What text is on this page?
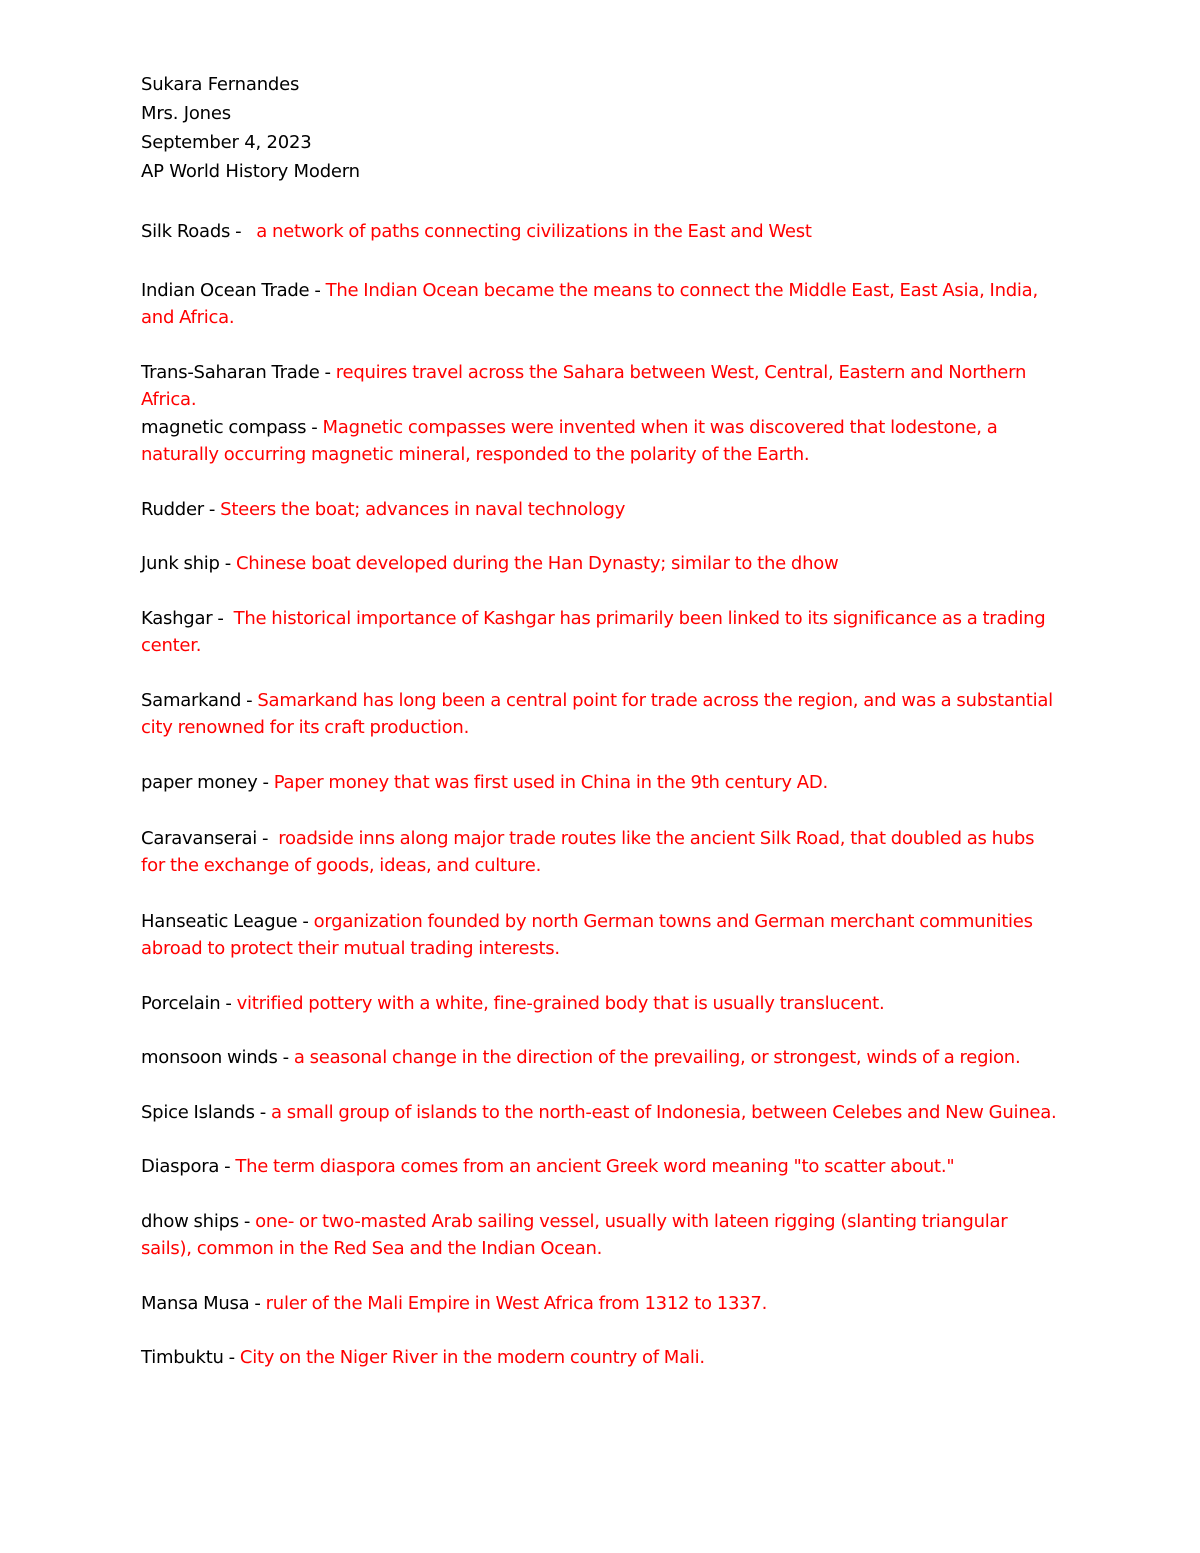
Sukara Fernandes
Mrs. Jones
September 4, 2023
AP World History Modern
Silk Roads -   a network of paths connecting civilizations in the East and West
Indian Ocean Trade - The Indian Ocean became the means to connect the Middle East, East Asia, India, and Africa.
Trans-Saharan Trade - requires travel across the Sahara between West, Central, Eastern and Northern Africa.
magnetic compass - Magnetic compasses were invented when it was discovered that lodestone, a naturally occurring magnetic mineral, responded to the polarity of the Earth.
Rudder - Steers the boat; advances in naval technology
Junk ship - Chinese boat developed during the Han Dynasty; similar to the dhow
Kashgar -  The historical importance of Kashgar has primarily been linked to its significance as a trading center.
Samarkand - Samarkand has long been a central point for trade across the region, and was a substantial city renowned for its craft production.
paper money - Paper money that was first used in China in the 9th century AD.
Caravanserai -  roadside inns along major trade routes like the ancient Silk Road, that doubled as hubs for the exchange of goods, ideas, and culture.
Hanseatic League - organization founded by north German towns and German merchant communities abroad to protect their mutual trading interests.
Porcelain - vitrified pottery with a white, fine-grained body that is usually translucent.
monsoon winds - a seasonal change in the direction of the prevailing, or strongest, winds of a region.
Spice Islands - a small group of islands to the north-east of Indonesia, between Celebes and New Guinea.
Diaspora - The term diaspora comes from an ancient Greek word meaning "to scatter about."
dhow ships - one- or two-masted Arab sailing vessel, usually with lateen rigging (slanting triangular sails), common in the Red Sea and the Indian Ocean.
Mansa Musa - ruler of the Mali Empire in West Africa from 1312 to 1337.
Timbuktu - City on the Niger River in the modern country of Mali.
